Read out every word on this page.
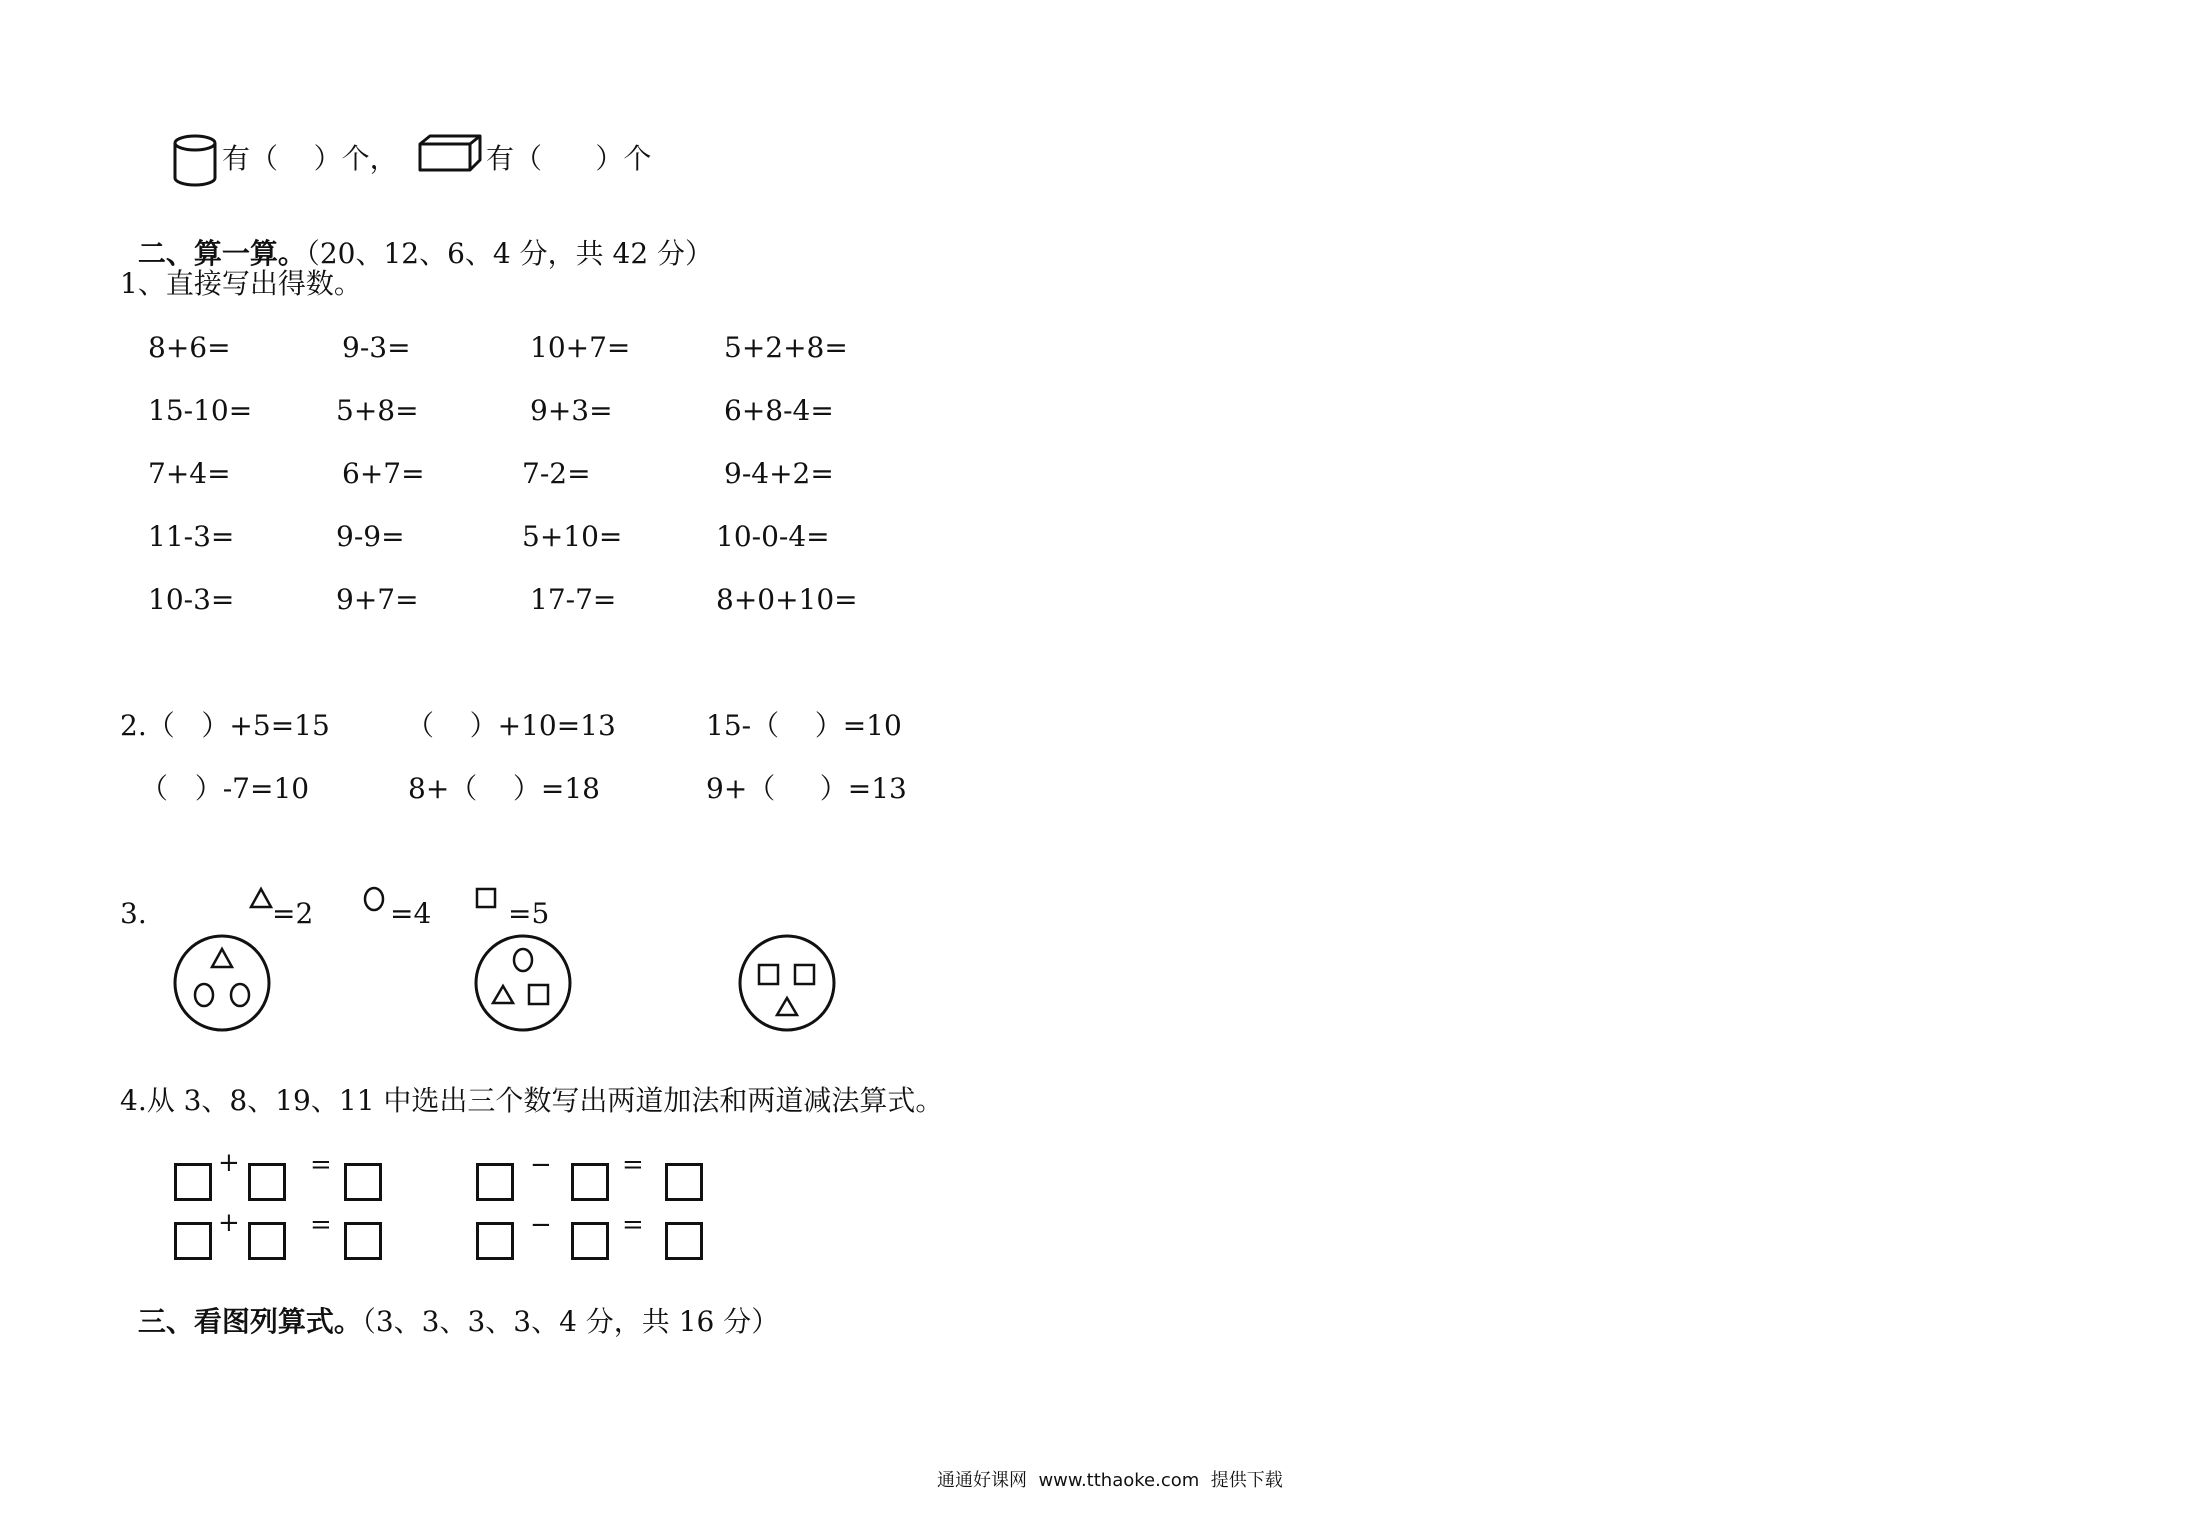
有（    ）个，	有（      ）个

二、算一算。（20、12、6、4 分，共 42 分）

1、直接写出得数。
8+6=	9-3=	10+7=	5+2+8=
15-10=	5+8=	9+3=	6+8-4=
7+4=	6+7=	7-2=	9-4+2=
11-3=	9-9=	5+10=	10-0-4=
10-3=	9+7=	17-7=	8+0+10=
2.（   ）+5=15	（    ）+10=13	15-（    ）=10
（   ）-7=10	8+（    ）=18	9+（     ）=13
3.	=2	=4	=5
4.从 3、8、19、11 中选出三个数写出两道加法和两道减法算式。
+	=	−	=
+	=	−	=

三、看图列算式。（3、3、3、3、4 分，共 16 分）

通通好课网  www.tthaoke.com  提供下载
